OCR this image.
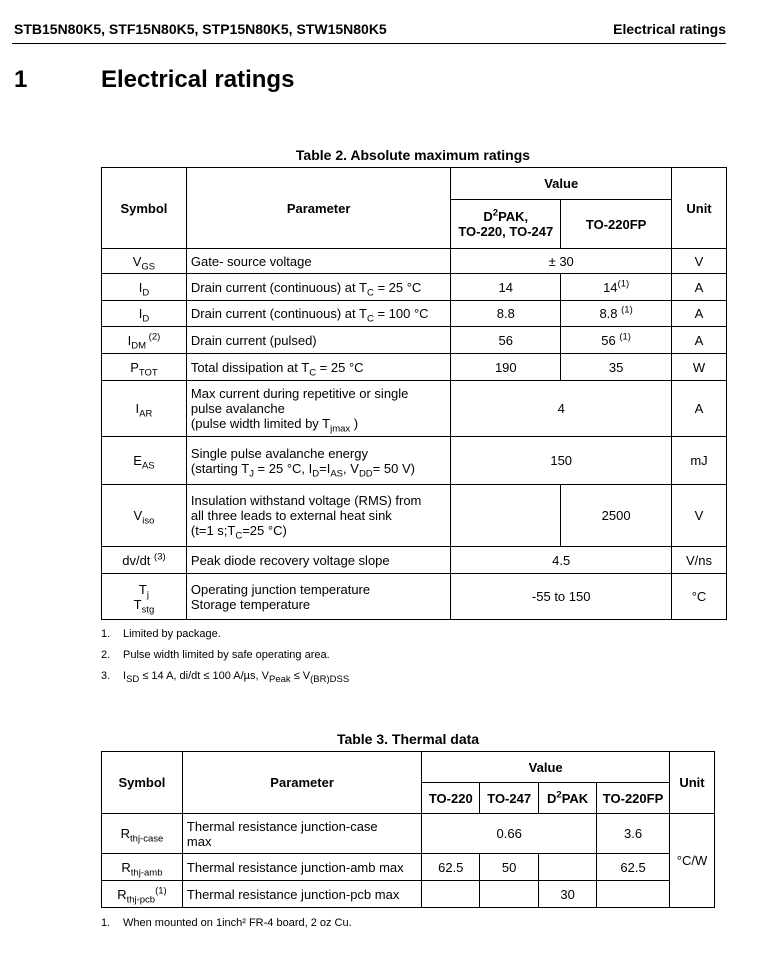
STB15N80K5, STF15N80K5, STP15N80K5, STW15N80K5	Electrical ratings
1	Electrical ratings
Table 2. Absolute maximum ratings
Symbol	Parameter	Value		Unit
		$D^2PAK$,
TO-220, TO-247	TO-220FP	
$V_{GS}$	Gate- source voltage	± 30		V
$I_D$	Drain current (continuous) at $T_C = 25$ °C	14	14$^{(1)}$	A
$I_D$	Drain current (continuous) at $T_C = 100$ °C	8.8	8.8 $^{(1)}$	A
$I_{DM}$ $^{(2)}$	Drain current (pulsed)	56	56 $^{(1)}$	A
$P_{TOT}$	Total dissipation at $T_C = 25$ °C	190	35	W
$I_{AR}$	Max current during repetitive or single
pulse avalanche
(pulse width limited by $T_{jmax}$ )	4		A
$E_{AS}$	Single pulse avalanche energy
(starting $T_J = 25$ °C, $I_D=I_{AS}$, $V_{DD}= 50$ V)	150		mJ
$V_{iso}$	Insulation withstand voltage (RMS) from
all three leads to external heat sink
(t=1 $s;T_C=25$ °C)		2500	V
dv/dt $^{(3)}$	Peak diode recovery voltage slope	4.5		V/ns
$T_j$
$T_{stg}$	Operating junction temperature
Storage temperature	-55 to 150		°C
1. Limited by package.
2. Pulse width limited by safe operating area.
3. $I_{SD} \le 14$ A, di/dt ≤ 100 A/µs, $V_{Peak} \le V_{(BR)DSS}$
Table 3. Thermal data
Symbol	Parameter	Value				Unit
		TO-220	TO-247	$D^2PAK$	TO-220FP	
$R_{thj-case}$	Thermal resistance junction-case
max	0.66			3.6	°C/W
$R_{thj-amb}$	Thermal resistance junction-amb max	62.5	50		62.5	
$R_{thj-pcb}^{(1)}$	Thermal resistance junction-pcb max			30		
1. When mounted on 1inch² FR-4 board, 2 oz Cu.
